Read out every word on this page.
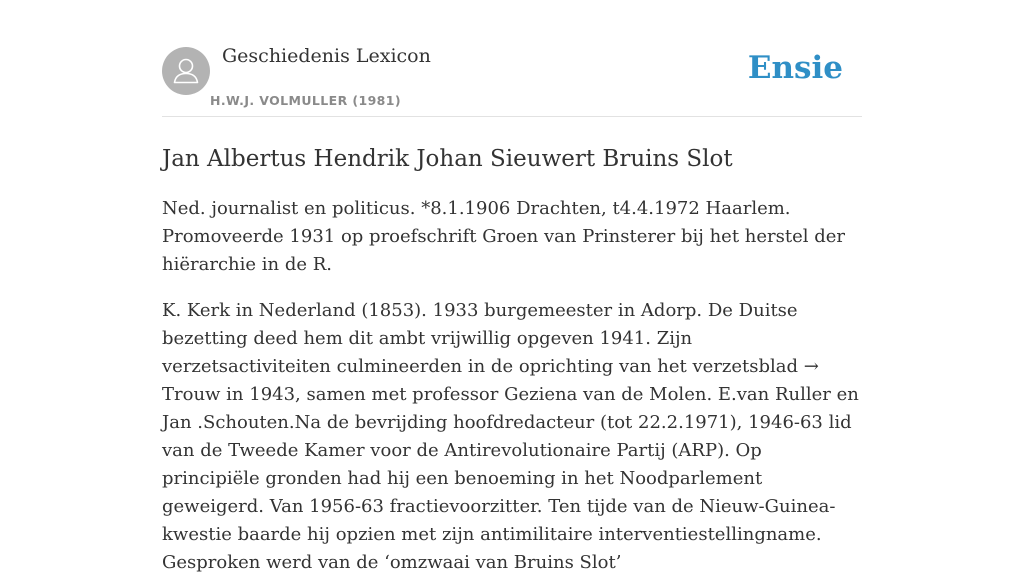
Geschiedenis Lexicon
H.W.J. VOLMULLER (1981)
Ensie
Jan Albertus Hendrik Johan Sieuwert Bruins Slot

Ned. journalist en politicus. *8.1.1906 Drachten, t4.4.1972 Haarlem. Promoveerde 1931 op proefschrift Groen van Prinsterer bij het herstel der hiërarchie in de R.

K. Kerk in Nederland (1853). 1933 burgemeester in Adorp. De Duitse bezetting deed hem dit ambt vrijwillig opgeven 1941. Zijn verzetsactiviteiten culmineerden in de oprichting van het verzetsblad → Trouw in 1943, samen met professor Geziena van de Molen. E.van Ruller en Jan .Schouten.Na de bevrijding hoofdredacteur (tot 22.2.1971), 1946-63 lid van de Tweede Kamer voor de Antirevolutionaire Partij (ARP). Op principiële gronden had hij een benoeming in het Noodparlement geweigerd. Van 1956-63 fractievoorzitter. Ten tijde van de Nieuw-Guinea-kwestie baarde hij opzien met zijn antimilitaire interventiestellingname. Gesproken werd van de ‘omzwaai van Bruins Slot’
